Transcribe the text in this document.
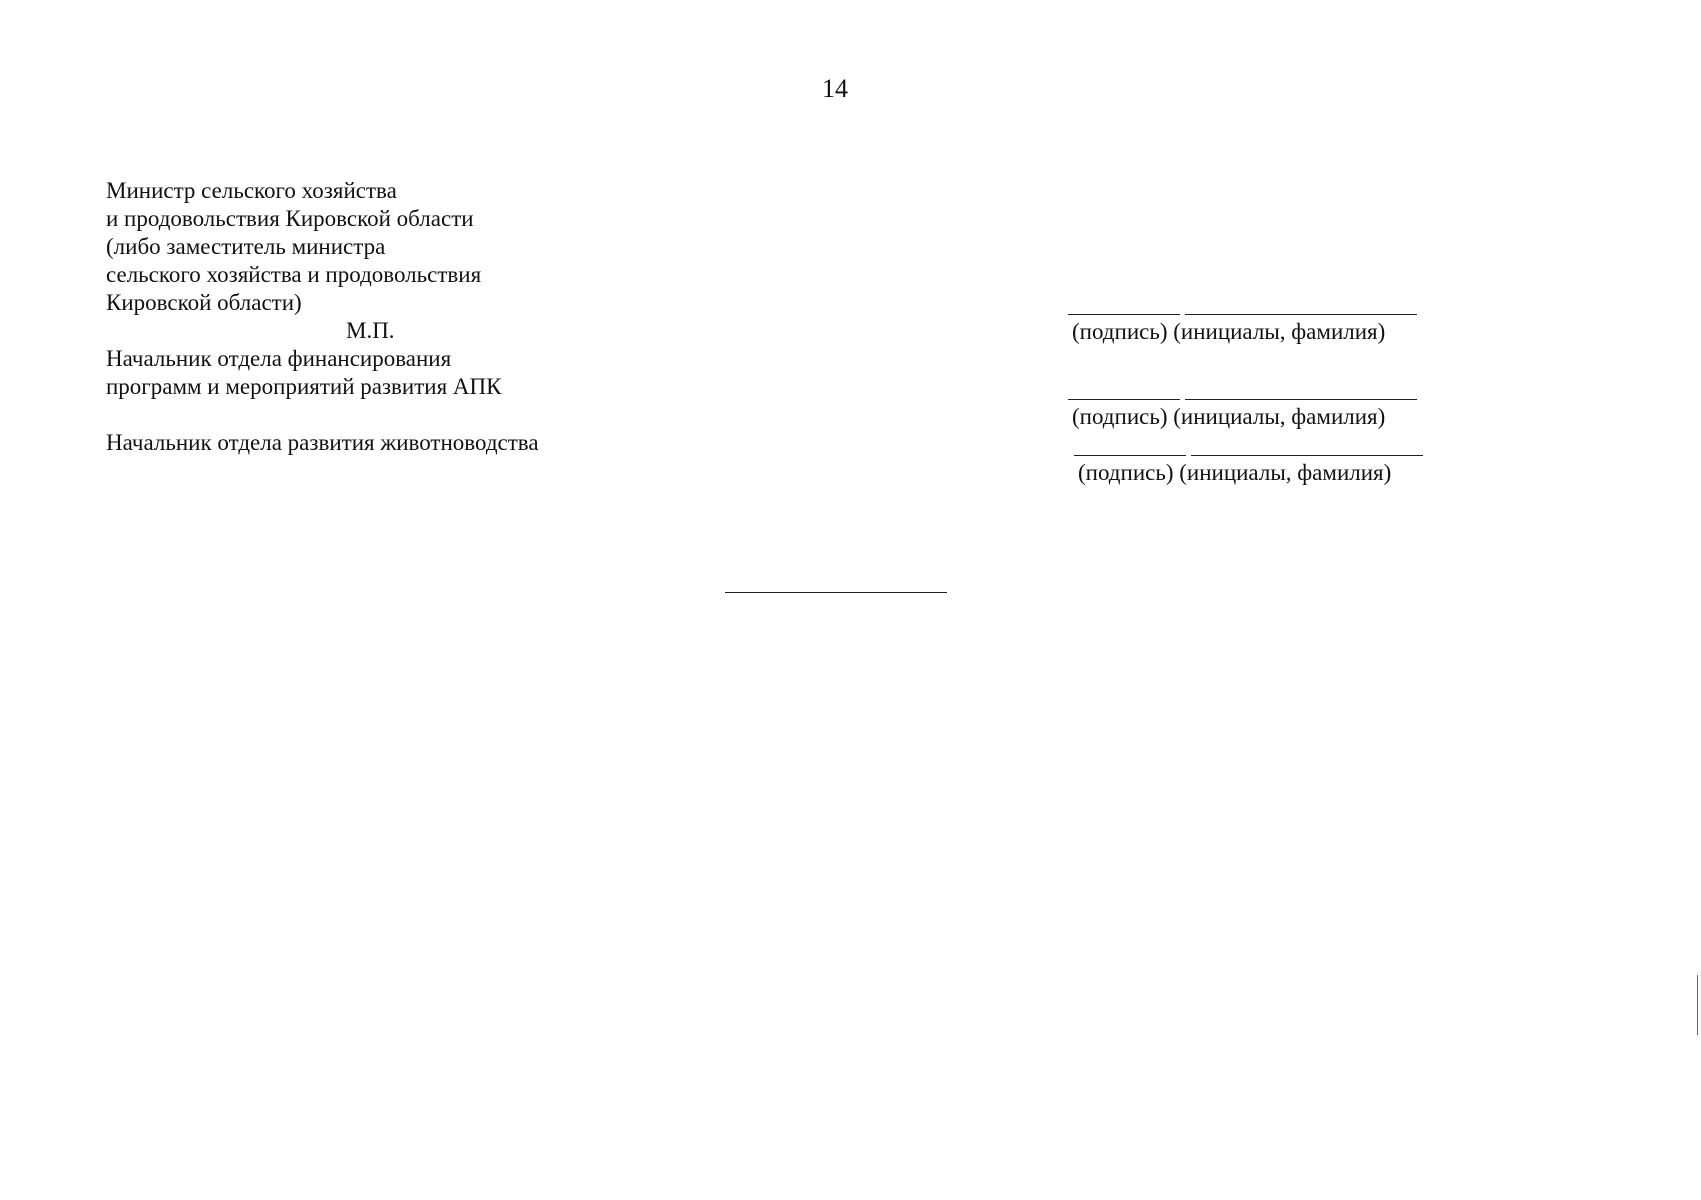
14
Министр сельского хозяйства
и продовольствия Кировской области
(либо заместитель министра
сельского хозяйства и продовольствия
Кировской области)
М.П.
Начальник отдела финансирования
программ и мероприятий развития АПК
Начальник отдела развития животноводства
(подпись) (инициалы, фамилия)
(подпись) (инициалы, фамилия)
(подпись) (инициалы, фамилия)
